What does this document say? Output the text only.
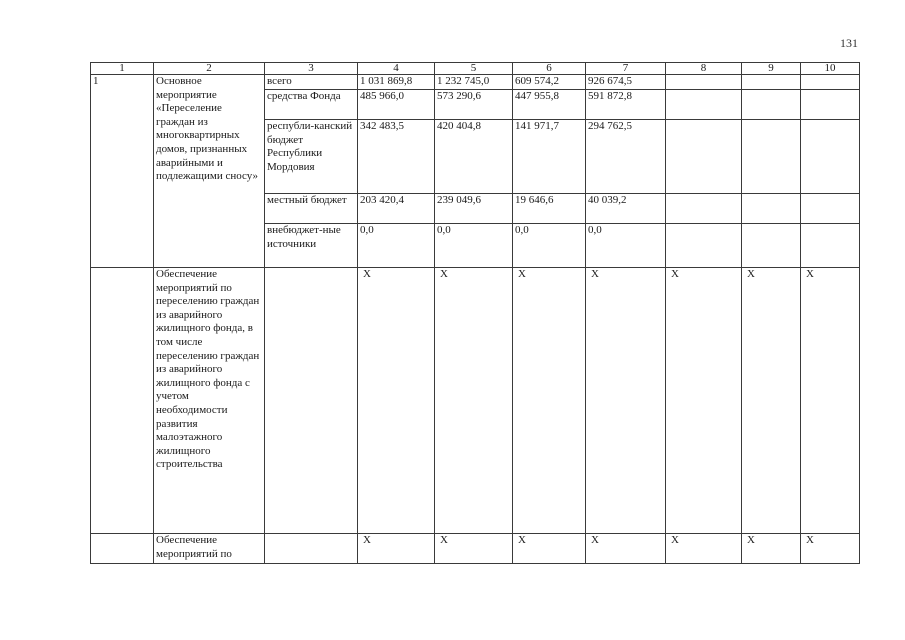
131
1	2	3	4	5	6	7	8	9	10
1	Основное мероприятие «Переселение граждан из многоквартирных домов, признанных аварийными и подлежащими сносу»	всего	1 031 869,8	1 232 745,0	609 574,2	926 674,5			
		средства Фонда	485 966,0	573 290,6	447 955,8	591 872,8			
		республи-канский бюджет Республики Мордовия	342 483,5	420 404,8	141 971,7	294 762,5			
		местный бюджет	203 420,4	239 049,6	19 646,6	40 039,2			
		внебюджет-ные источники	0,0	0,0	0,0	0,0			
	Обеспечение мероприятий по переселению граждан из аварийного жилищного фонда, в том числе переселению граждан из аварийного жилищного фонда с учетом необходимости развития малоэтажного жилищного строительства		Х	Х	Х	Х	Х	Х	Х
	Обеспечение мероприятий по		Х	Х	Х	Х	Х	Х	Х
